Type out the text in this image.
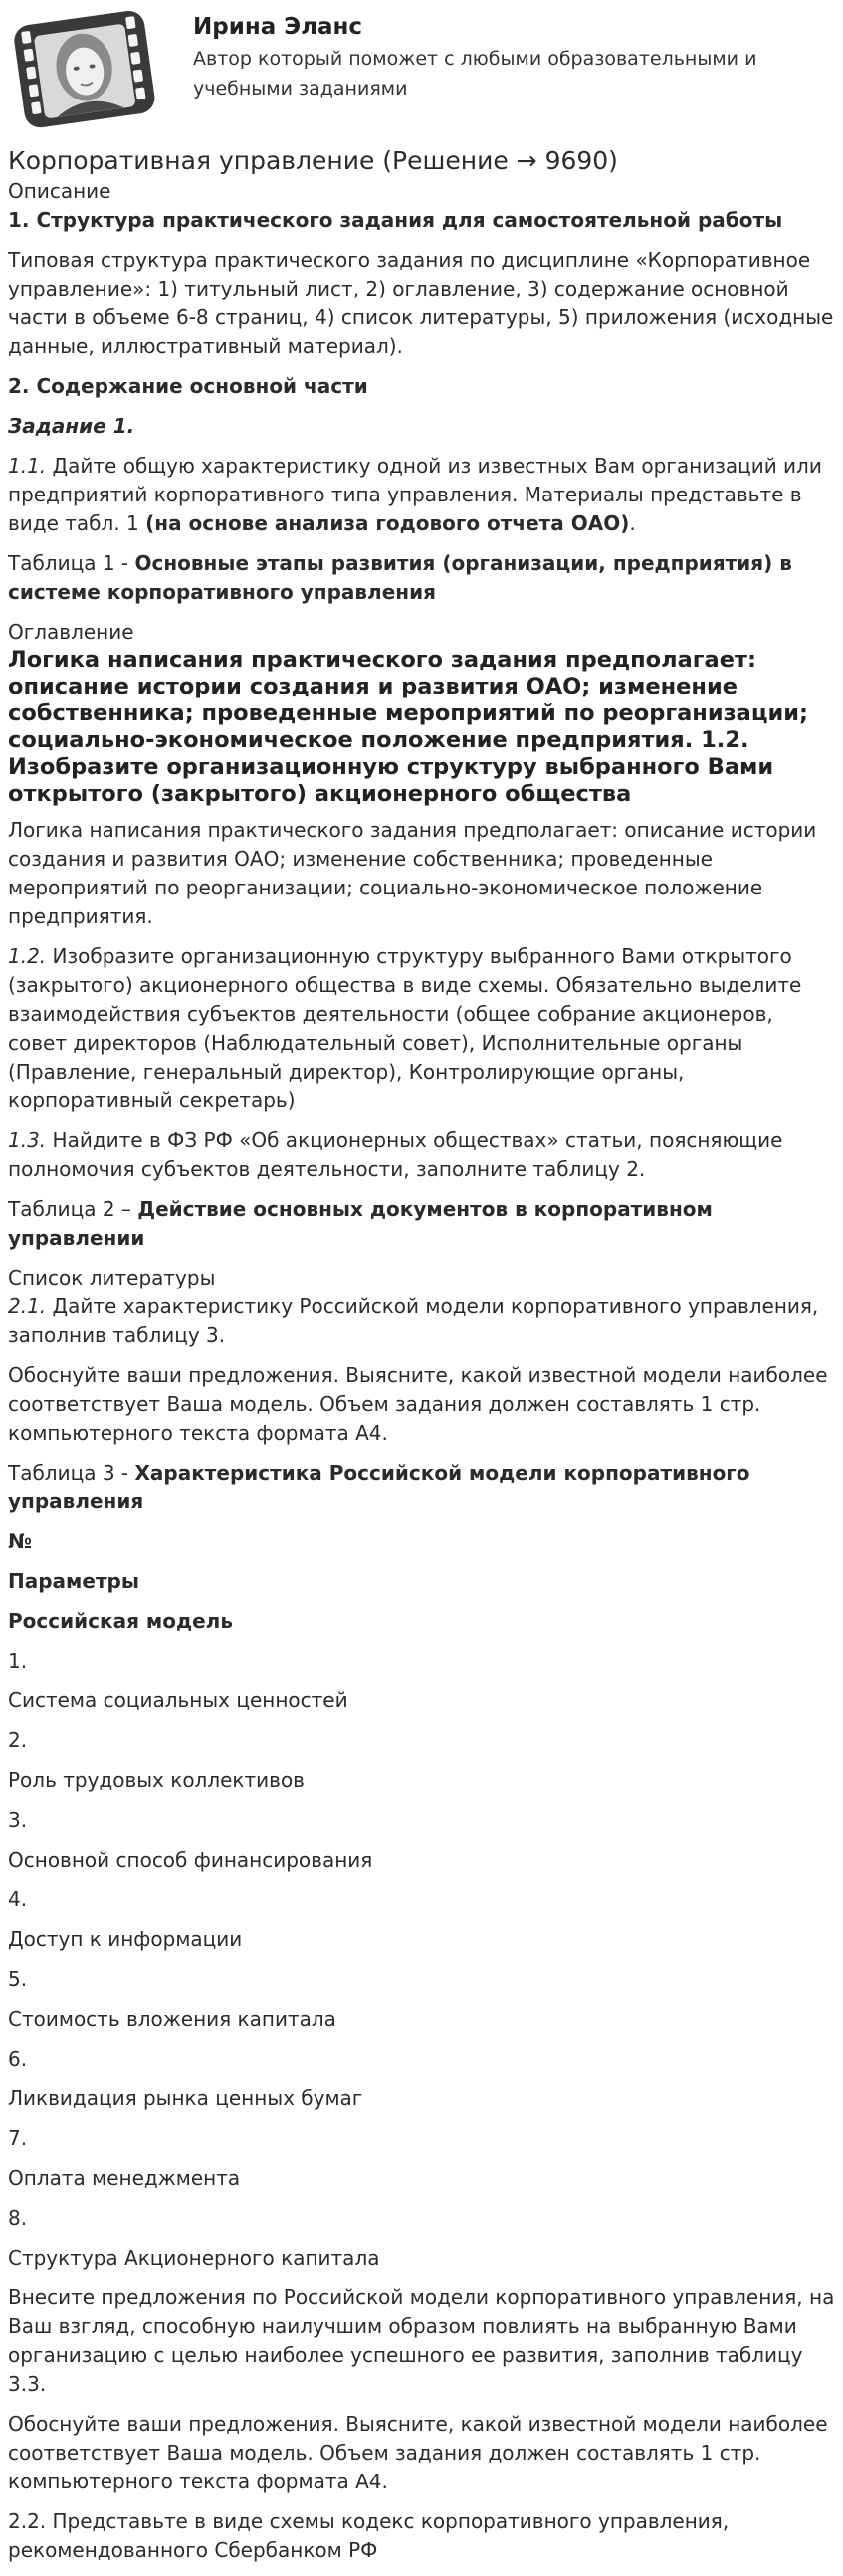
Ирина Эланс
Автор который поможет с любыми образовательными и учебными заданиями
Корпоративная управление (Решение → 9690)
Описание

1. Структура практического задания для самостоятельной работы

Типовая структура практического задания по дисциплине «Корпоративное управление»: 1) титульный лист, 2) оглавление, 3) содержание основной части в объеме 6-8 страниц, 4) список литературы, 5) приложения (исходные данные, иллюстративный материал).

2. Содержание основной части

Задание 1.

1.1. Дайте общую характеристику одной из известных Вам организаций или предприятий корпоративного типа управления. Материалы представьте в виде табл. 1 (на основе анализа годового отчета ОАО).

Таблица 1 - Основные этапы развития (организации, предприятия) в системе корпоративного управления

Оглавление

Логика написания практического задания предполагает: описание истории создания и развития ОАО; изменение собственника; проведенные мероприятий по реорганизации; социально-экономическое положение предприятия. 1.2. Изобразите организационную структуру выбранного Вами открытого (закрытого) акционерного общества

Логика написания практического задания предполагает: описание истории создания и развития ОАО; изменение собственника; проведенные мероприятий по реорганизации; социально-экономическое положение предприятия.

1.2. Изобразите организационную структуру выбранного Вами открытого (закрытого) акционерного общества в виде схемы. Обязательно выделите взаимодействия субъектов деятельности (общее собрание акционеров, совет директоров (Наблюдательный совет), Исполнительные органы (Правление, генеральный директор), Контролирующие органы, корпоративный секретарь)

1.3. Найдите в ФЗ РФ «Об акционерных обществах» статьи, поясняющие полномочия субъектов деятельности, заполните таблицу 2.

Таблица 2 – Действие основных документов в корпоративном управлении

Список литературы

2.1. Дайте характеристику Российской модели корпоративного управления, заполнив таблицу 3.

Обоснуйте ваши предложения. Выясните, какой известной модели наиболее соответствует Ваша модель. Объем задания должен составлять 1 стр. компьютерного текста формата А4.

Таблица 3 - Характеристика Российской модели корпоративного управления

№

Параметры

Российская модель

1.

Система социальных ценностей

2.

Роль трудовых коллективов

3.

Основной способ финансирования

4.

Доступ к информации

5.

Стоимость вложения капитала

6.

Ликвидация рынка ценных бумаг

7.

Оплата менеджмента

8.

Структура Акционерного капитала

Внесите предложения по Российской модели корпоративного управления, на Ваш взгляд, способную наилучшим образом повлиять на выбранную Вами организацию с целью наиболее успешного ее развития, заполнив таблицу 3.3.

Обоснуйте ваши предложения. Выясните, какой известной модели наиболее соответствует Ваша модель. Объем задания должен составлять 1 стр. компьютерного текста формата А4.

2.2. Представьте в виде схемы кодекс корпоративного управления, рекомендованного Сбербанком РФ
